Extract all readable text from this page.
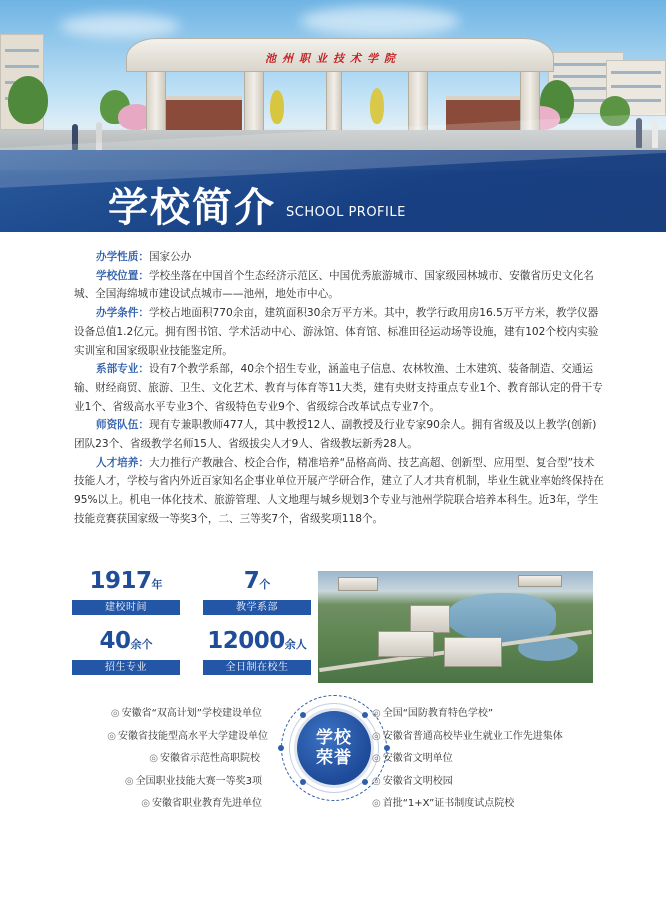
池州职业技术学院
学校简介 SCHOOL PROFILE

办学性质：国家公办

学校位置：学校坐落在中国首个生态经济示范区、中国优秀旅游城市、国家级园林城市、安徽省历史文化名城、全国海绵城市建设试点城市——池州，地处市中心。

办学条件：学校占地面积770余亩，建筑面积30余万平方米。其中，教学行政用房16.5万平方米，教学仪器设备总值1.2亿元。拥有图书馆、学术活动中心、游泳馆、体育馆、标准田径运动场等设施，建有102个校内实验实训室和国家级职业技能鉴定所。

系部专业：设有7个教学系部，40余个招生专业，涵盖电子信息、农林牧渔、土木建筑、装备制造、交通运输、财经商贸、旅游、卫生、文化艺术、教育与体育等11大类，建有央财支持重点专业1个、教育部认定的骨干专业1个、省级高水平专业3个、省级特色专业9个、省级综合改革试点专业7个。

师资队伍：现有专兼职教师477人，其中教授12人、副教授及行业专家90余人。拥有省级及以上教学(创新)团队23个、省级教学名师15人、省级拔尖人才9人、省级教坛新秀28人。

人才培养：大力推行产教融合、校企合作，精准培养“品格高尚、技艺高超、创新型、应用型、复合型”技术技能人才，学校与省内外近百家知名企事业单位开展产学研合作，建立了人才共育机制，毕业生就业率始终保持在95%以上。机电一体化技术、旅游管理、人文地理与城乡规划3个专业与池州学院联合培养本科生。近3年，学生技能竞赛获国家级一等奖3个，二、三等奖7个，省级奖项118个。

1917年
建校时间
7个
教学系部
40余个
招生专业
12000余人
全日制在校生
学校
荣誉
◎ 安徽省“双高计划”学校建设单位
◎ 安徽省技能型高水平大学建设单位
◎ 安徽省示范性高职院校
◎ 全国职业技能大赛一等奖3项
◎ 安徽省职业教育先进单位
◎ 全国“国防教育特色学校”
◎ 安徽省普通高校毕业生就业工作先进集体
◎ 安徽省文明单位
◎ 安徽省文明校园
◎ 首批“1+X”证书制度试点院校
